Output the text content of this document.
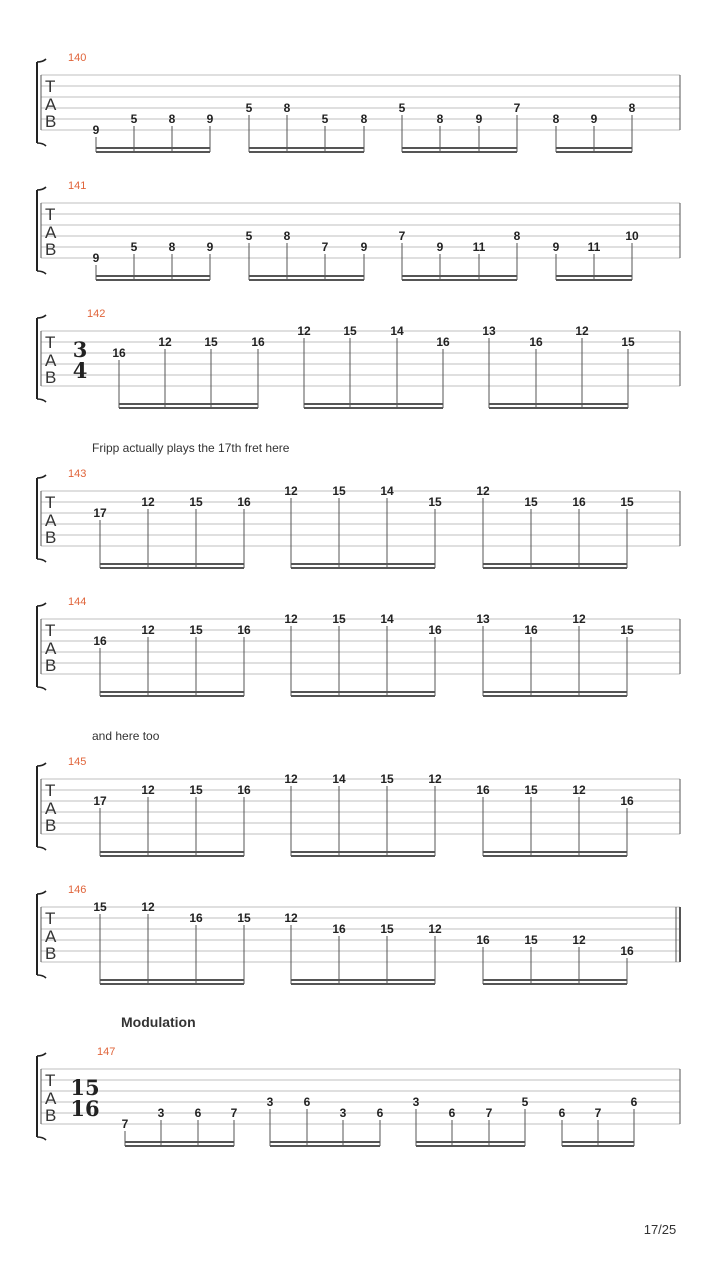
T
A
B
140
9
5	8	9
5	8
5	8
5
8	9
7
8	9
8
T
A
B
141
9
5	8	9
5	8
7	9
7
9 11
8
9 11
10
T
A
B
142
3
4
16
12	15	16
12	15	14
16
13
16
12
15
T
A
B
143
17
12	15	16
12	15	14
15
12
15	16	15
T
A
B
144
16
12	15	16
12	15	14
16
13
16
12
15
T
A
B
145
17
12	15	16
12	14	15	12
16	15	12
16
T
A
B
146
15	12
16	15	12
16	15	12
16	15	12
16
T
A
B
147
15
16
7
3	6 7
3	6
3	6
3
6	7
5
6 7
6
Fripp actually plays the 17th fret here
and here too
Modulation
17/25
